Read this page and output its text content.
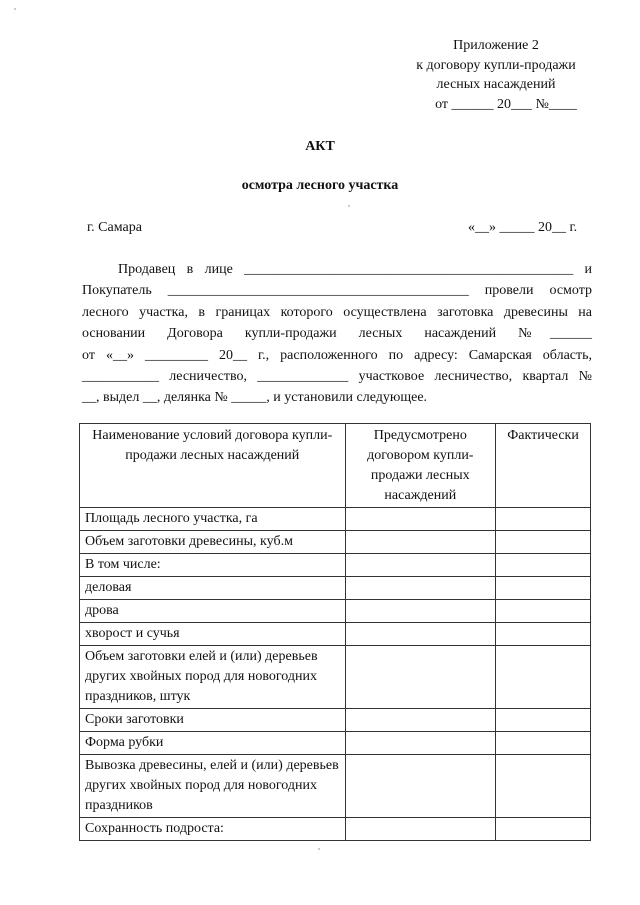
Приложение 2
к договору купли-продажи
лесных насаждений
от ______ 20___ №____
АКТ
осмотра лесного участка
г. Самара	«__» _____ 20__ г.
Продавец в лице _______________________________________________ и
Покупатель ___________________________________________ провели осмотр
лесного участка, в границах которого осуществлена заготовка древесины на
основании Договора купли-продажи лесных насаждений №______
от «__» _________ 20__ г., расположенного по адресу: Самарская область,
___________ лесничество, _____________ участковое лесничество, квартал №
__, выдел __, делянка № _____, и установили следующее.
Наименование условий договора купли-продажи лесных насаждений	Предусмотрено договором купли-продажи лесных насаждений	Фактически
Площадь лесного участка, га		
Объем заготовки древесины, куб.м		
В том числе:		
деловая		
дрова		
хворост и сучья		
Объем заготовки елей и (или) деревьев других хвойных пород для новогодних праздников, штук		
Сроки заготовки		
Форма рубки		
Вывозка древесины, елей и (или) деревьев других хвойных пород для новогодних праздников		
Сохранность подроста:		
